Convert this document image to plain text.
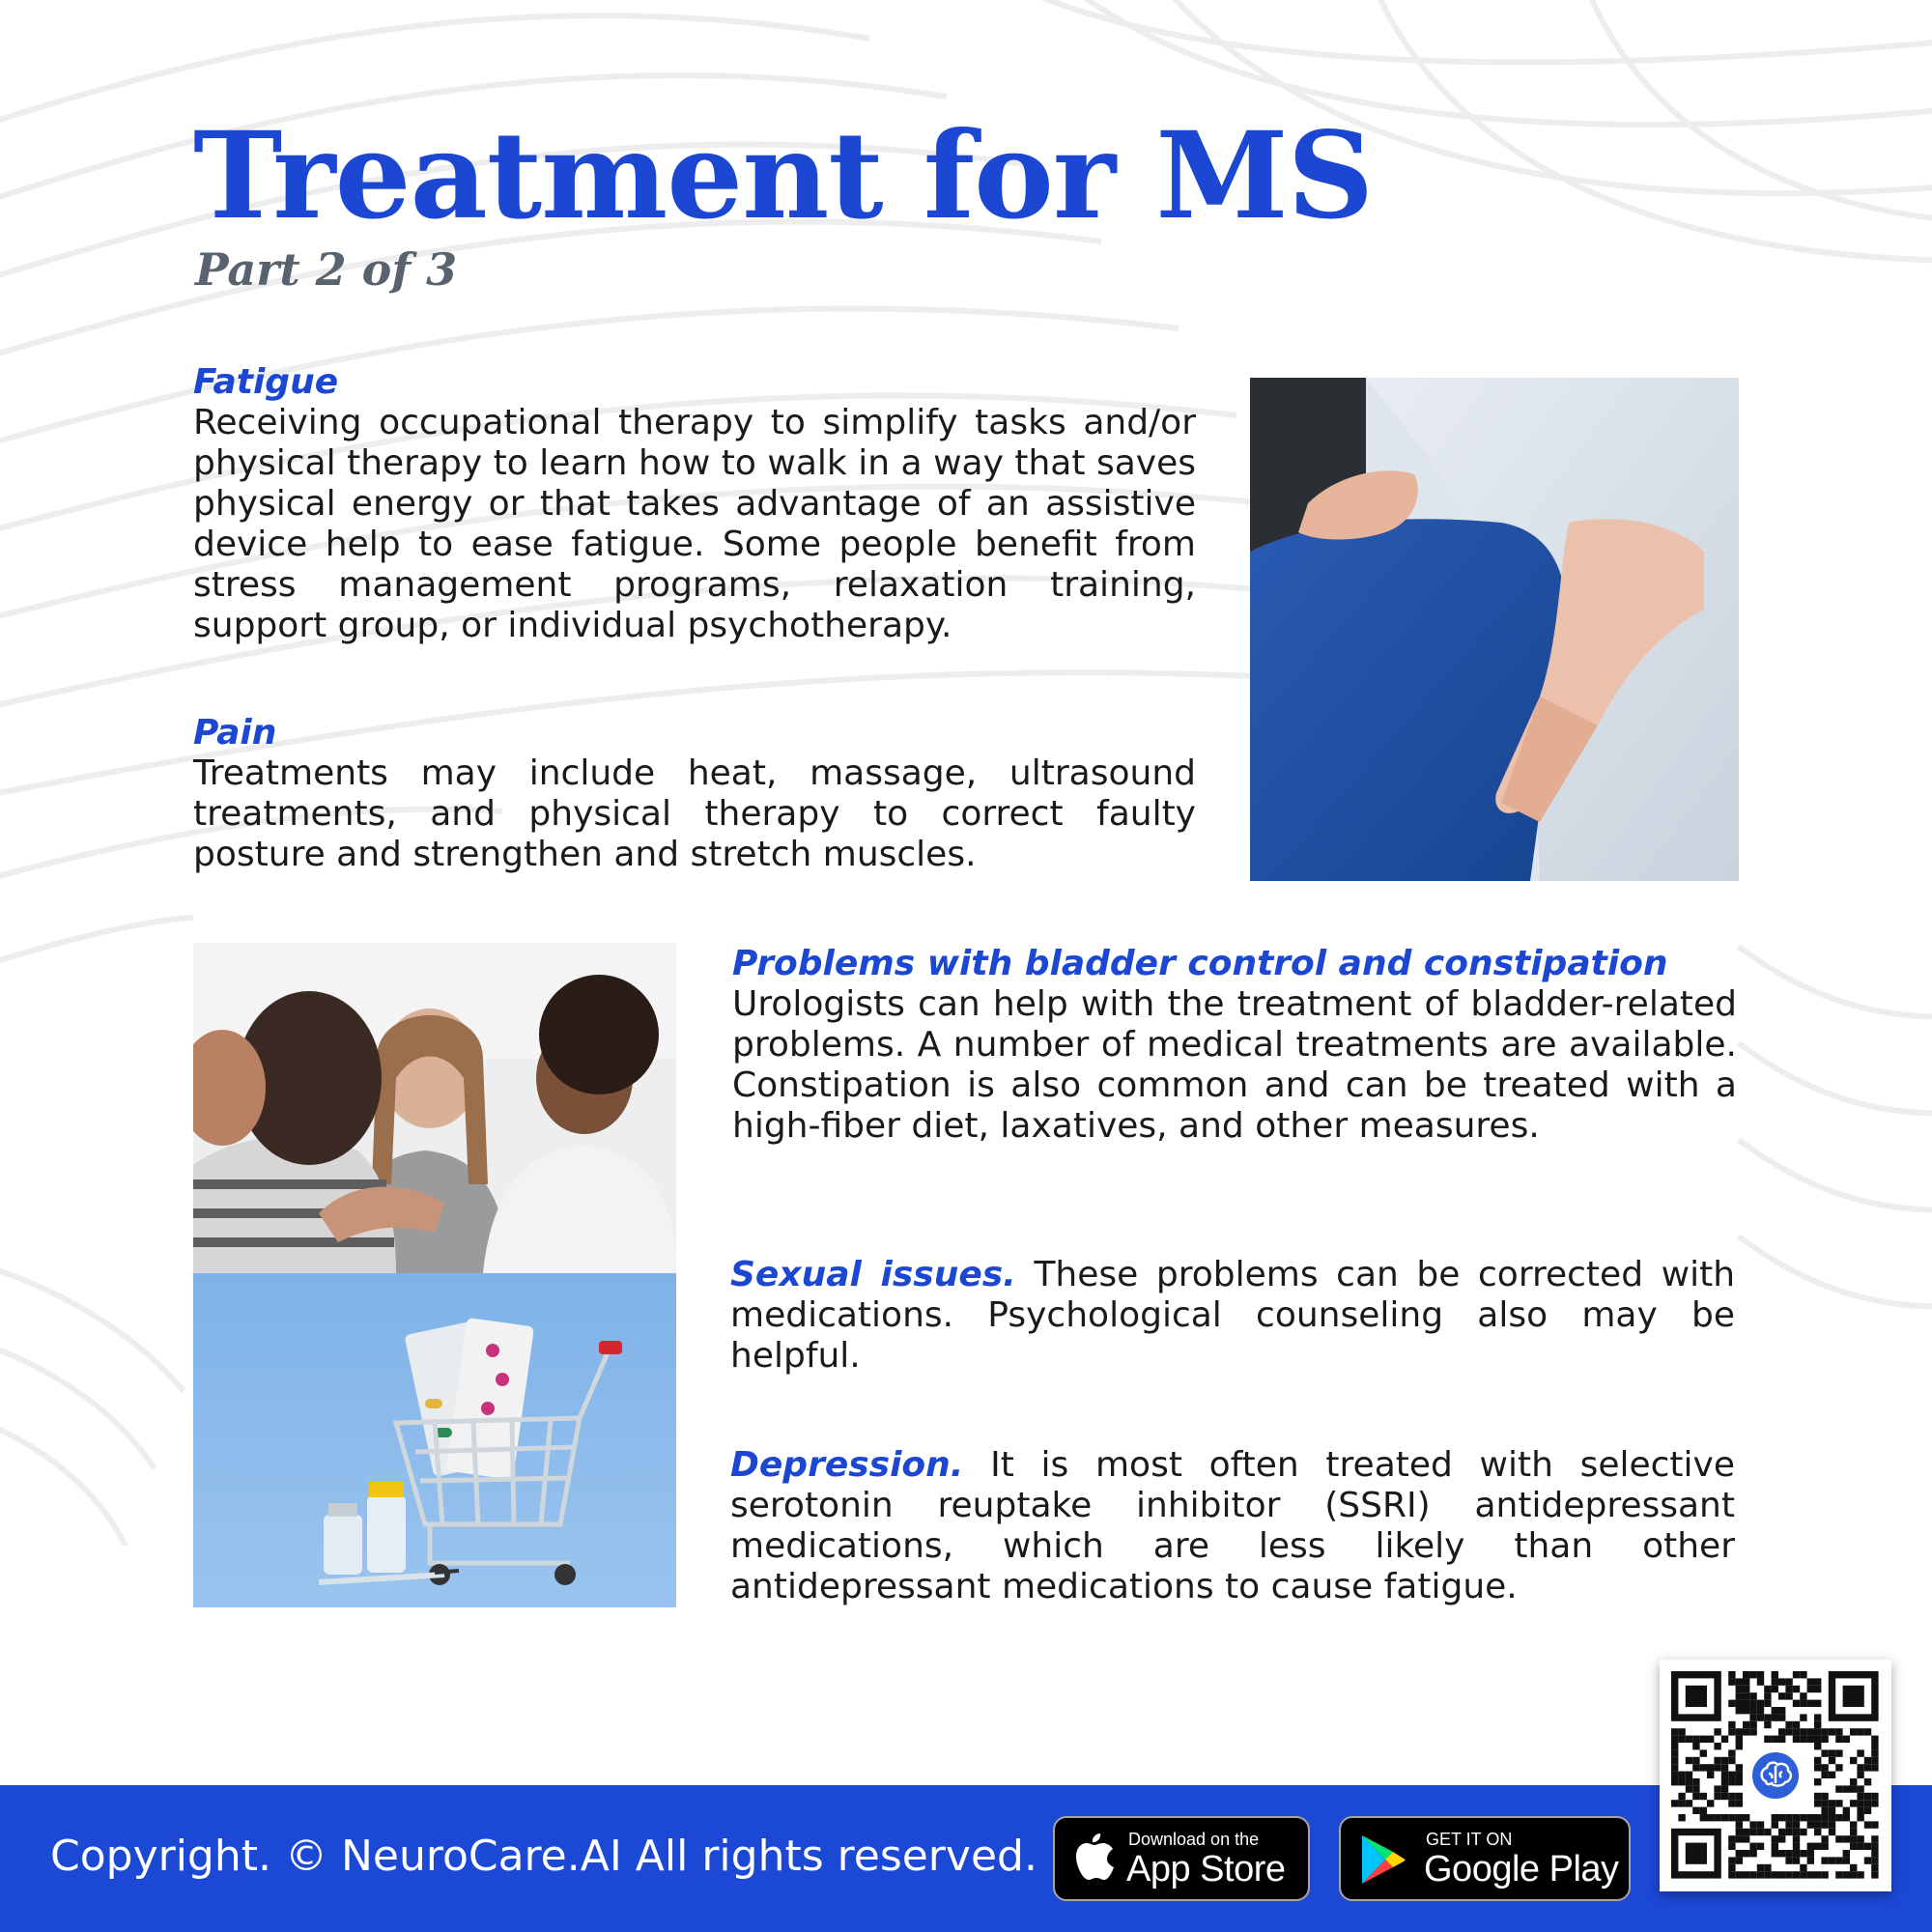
Treatment for MS
Part 2 of 3
Fatigue
Receiving occupational therapy to simplify tasks and/or physical therapy to learn how to walk in a way that saves physical energy or that takes advantage of an assistive device help to ease fatigue. Some people benefit from stress management programs, relaxation training, support group, or individual psychotherapy.
Pain
Treatments may include heat, massage, ultrasound treatments, and physical therapy to correct faulty posture and strengthen and stretch muscles.
Problems with bladder control and constipation
Urologists can help with the treatment of bladder-related problems. A number of medical treatments are available. Constipation is also common and can be treated with a high-fiber diet, laxatives, and other measures.

Sexual issues. These problems can be corrected with medications. Psychological counseling also may be helpful.

Depression. It is most often treated with selective serotonin reuptake inhibitor (SSRI) antidepressant medications, which are less likely than other antidepressant medications to cause fatigue.

Copyright. © NeuroCare.AI All rights reserved.	Download on the
App Store
GET IT ON
Google Play
